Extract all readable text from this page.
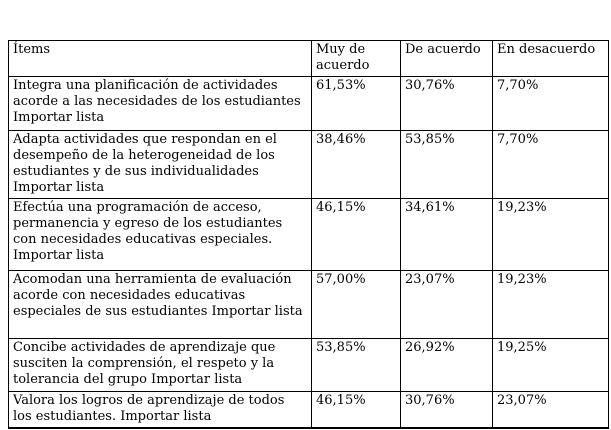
Ítems	Muy de acuerdo	De acuerdo	En desacuerdo
Integra una planificación de actividades acorde a las necesidades de los estudiantes Importar lista	61,53%	30,76%	7,70%
Adapta actividades que respondan en el desempeño de la heterogeneidad de los estudiantes y de sus individualidades Importar lista	38,46%	53,85%	7,70%
Efectúa una programación de acceso, permanencia y egreso de los estudiantes con necesidades educativas especiales. Importar lista	46,15%	34,61%	19,23%
Acomodan una herramienta de evaluación acorde con necesidades educativas especiales de sus estudiantes Importar lista	57,00%	23,07%	19,23%
Concibe actividades de aprendizaje que susciten la comprensión, el respeto y la tolerancia del grupo Importar lista	53,85%	26,92%	19,25%
Valora los logros de aprendizaje de todos los estudiantes. Importar lista	46,15%	30,76%	23,07%
